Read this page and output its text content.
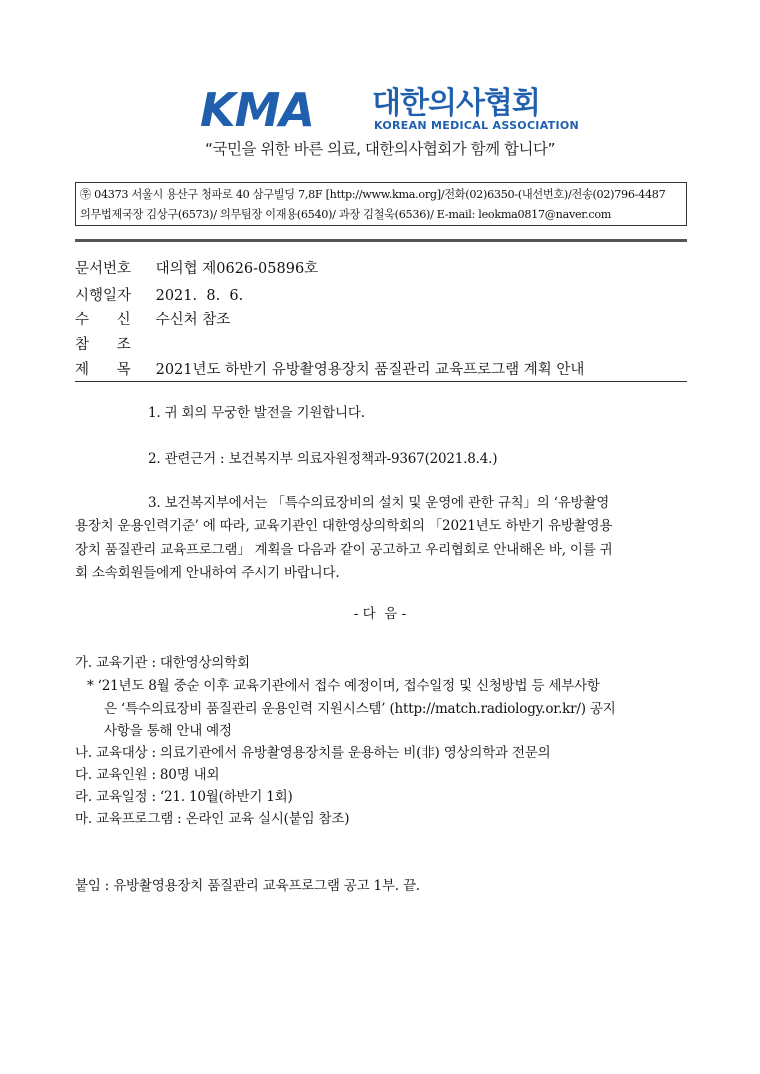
KMA 대한의사협회
KOREAN MEDICAL ASSOCIATION
“국민을 위한 바른 의료, 대한의사협회가 함께 합니다”
㉾ 04373 서울시 용산구 청파로 40 삼구빌딩 7,8F [http://www.kma.org]/전화(02)6350-(내선번호)/전송(02)796-4487
의무법제국장 김상구(6573)/ 의무팀장 이재용(6540)/ 과장 김철욱(6536)/ E-mail: leokma0817@naver.com
문서번호 대의협 제0626-05896호
시행일자 2021.  8.  6.
수      신 수신처 참조
참      조
제      목 2021년도 하반기 유방촬영용장치 품질관리 교육프로그램 계획 안내
1. 귀 회의 무궁한 발전을 기원합니다.
2. 관련근거 : 보건복지부 의료자원정책과-9367(2021.8.4.)
3. 보건복지부에서는 「특수의료장비의 설치 및 운영에 관한 규칙」의 ‘유방촬영
용장치 운용인력기준’ 에 따라, 교육기관인 대한영상의학회의 「2021년도 하반기 유방촬영용
장치 품질관리 교육프로그램」 계획을 다음과 같이 공고하고 우리협회로 안내해온 바, 이를 귀
회 소속회원들에게 안내하여 주시기 바랍니다.
- 다  음 -
가. 교육기관 : 대한영상의학회
* ‘21년도 8월 중순 이후 교육기관에서 접수 예정이며, 접수일정 및 신청방법 등 세부사항
은 ‘특수의료장비 품질관리 운용인력 지원시스템’ (http://match.radiology.or.kr/) 공지
사항을 통해 안내 예정
나. 교육대상 : 의료기관에서 유방촬영용장치를 운용하는 비(非) 영상의학과 전문의
다. 교육인원 : 80명 내외
라. 교육일정 : ‘21. 10월(하반기 1회)
마. 교육프로그램 : 온라인 교육 실시(붙임 참조)
붙임 : 유방촬영용장치 품질관리 교육프로그램 공고 1부. 끝.
